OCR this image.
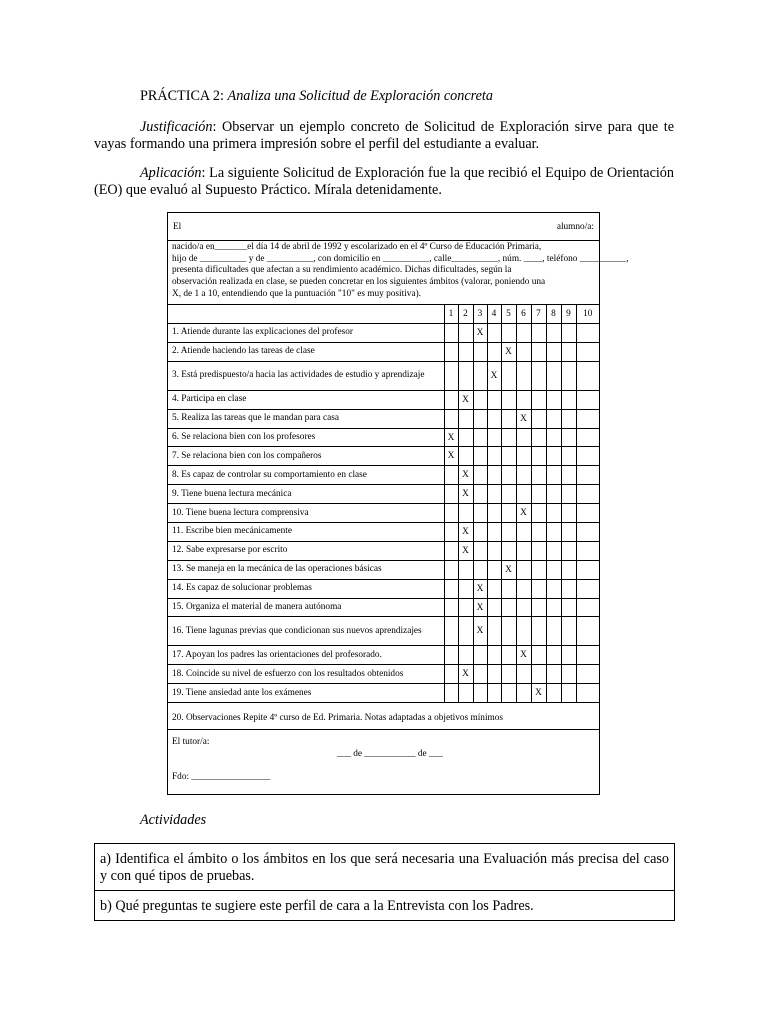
PRÁCTICA 2: Analiza una Solicitud de Exploración concreta
Justificación: Observar un ejemplo concreto de Solicitud de Exploración sirve para que te vayas formando una primera impresión sobre el perfil del estudiante a evaluar.
Aplicación: La siguiente Solicitud de Exploración fue la que recibió el Equipo de Orientación (EO) que evaluó al Supuesto Práctico. Mírala detenidamente.
El	alumno/a:
nacido/a en_______el día 14 de abril de 1992 y escolarizado en el 4º Curso de Educación Primaria,
hijo de __________ y de __________, con domicilio en __________, calle__________, núm. ____, teléfono __________,
presenta dificultades que afectan a su rendimiento académico. Dichas dificultades, según la
observación realizada en clase, se pueden concretar en los siguientes ámbitos (valorar, poniendo una
X, de 1 a 10, entendiendo que la puntuación "10" es muy positiva).
	1	2	3	4	5	6	7	8	9	10
1. Atiende durante las explicaciones del profesor			X							
2. Atiende haciendo las tareas de clase					X					
3. Está predispuesto/a hacia las actividades de estudio y aprendizaje				X						
4. Participa en clase		X								
5. Realiza las tareas que le mandan para casa						X				
6. Se relaciona bien con los profesores	X									
7. Se relaciona bien con los compañeros	X									
8. Es capaz de controlar su comportamiento en clase		X								
9. Tiene buena lectura mecánica		X								
10. Tiene buena lectura comprensiva						X				
11. Escribe bien mecánicamente		X								
12. Sabe expresarse por escrito		X								
13. Se maneja en la mecánica de las operaciones básicas					X					
14. Es capaz de solucionar problemas			X							
15. Organiza el material de manera autónoma			X							
16. Tiene lagunas previas que condicionan sus nuevos aprendizajes			X							
17. Apoyan los padres las orientaciones del profesorado.						X				
18. Coincide su nivel de esfuerzo con los resultados obtenidos		X								
19. Tiene ansiedad ante los exámenes							X			
20. Observaciones Repite 4º curso de Ed. Primaria. Notas adaptadas a objetivos mínimos
El tutor/a:
___ de ___________ de ___
Fdo: _________________
Actividades
a) Identifica el ámbito o los ámbitos en los que será necesaria una Evaluación más precisa del caso y con qué tipos de pruebas.
b) Qué preguntas te sugiere este perfil de cara a la Entrevista con los Padres.
